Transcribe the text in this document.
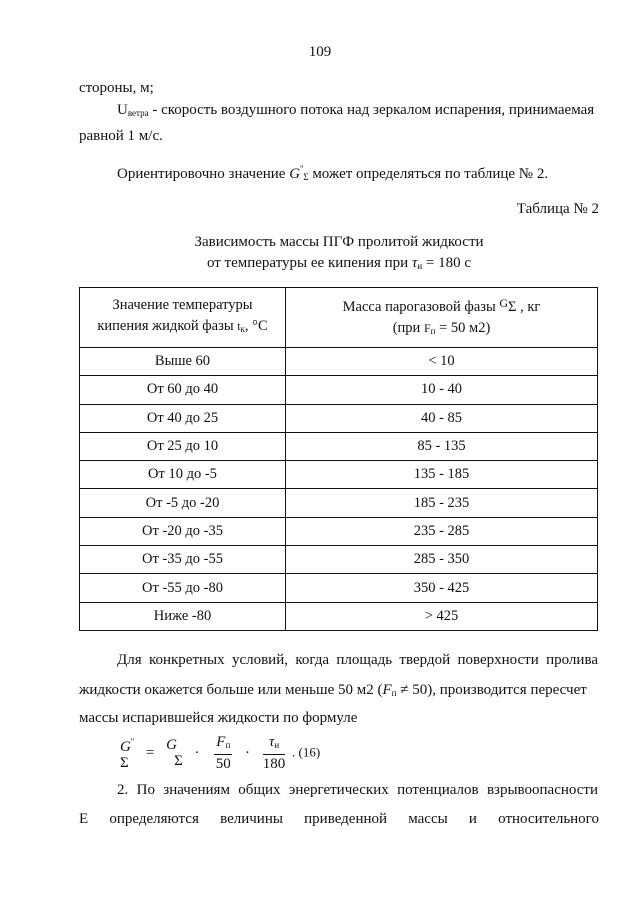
109
стороны, м;
$U_{ветра}$ - скорость воздушного потока над зеркалом испарения, принимаемая
равной 1 м/с.
Ориентировочно значение $G''_\Sigma$ может определяться по таблице № 2.
Таблица № 2
Зависимость массы ПГФ пролитой жидкости
от температуры ее кипения при $\tau_и = 180$ с
Значение температуры
кипения жидкой фазы $t_к$, °C	Масса парогазовой фазы $^G$Σ , кг
(при $F_п = 50$ м2)
Выше 60	< 10
От 60 до 40	10 - 40
От 40 до 25	40 - 85
От 25 до 10	85 - 135
От 10 до -5	135 - 185
От -5 до -20	185 - 235
От -20 до -35	235 - 285
От -35 до -55	285 - 350
От -55 до -80	350 - 425
Ниже -80	> 425
Для конкретных условий, когда площадь твердой поверхности пролива
жидкости окажется больше или меньше 50 м2 $(F_п \ne 50)$, производится пересчет
массы испарившейся жидкости по формуле
G''
Σ = G
$\Sigma \cdot \frac{F_п}{50} \cdot \frac{\tau_и}{180}$ . (16)
2. По значениям общих энергетических потенциалов взрывоопасности
Е определяются величины приведенной массы и относительного
